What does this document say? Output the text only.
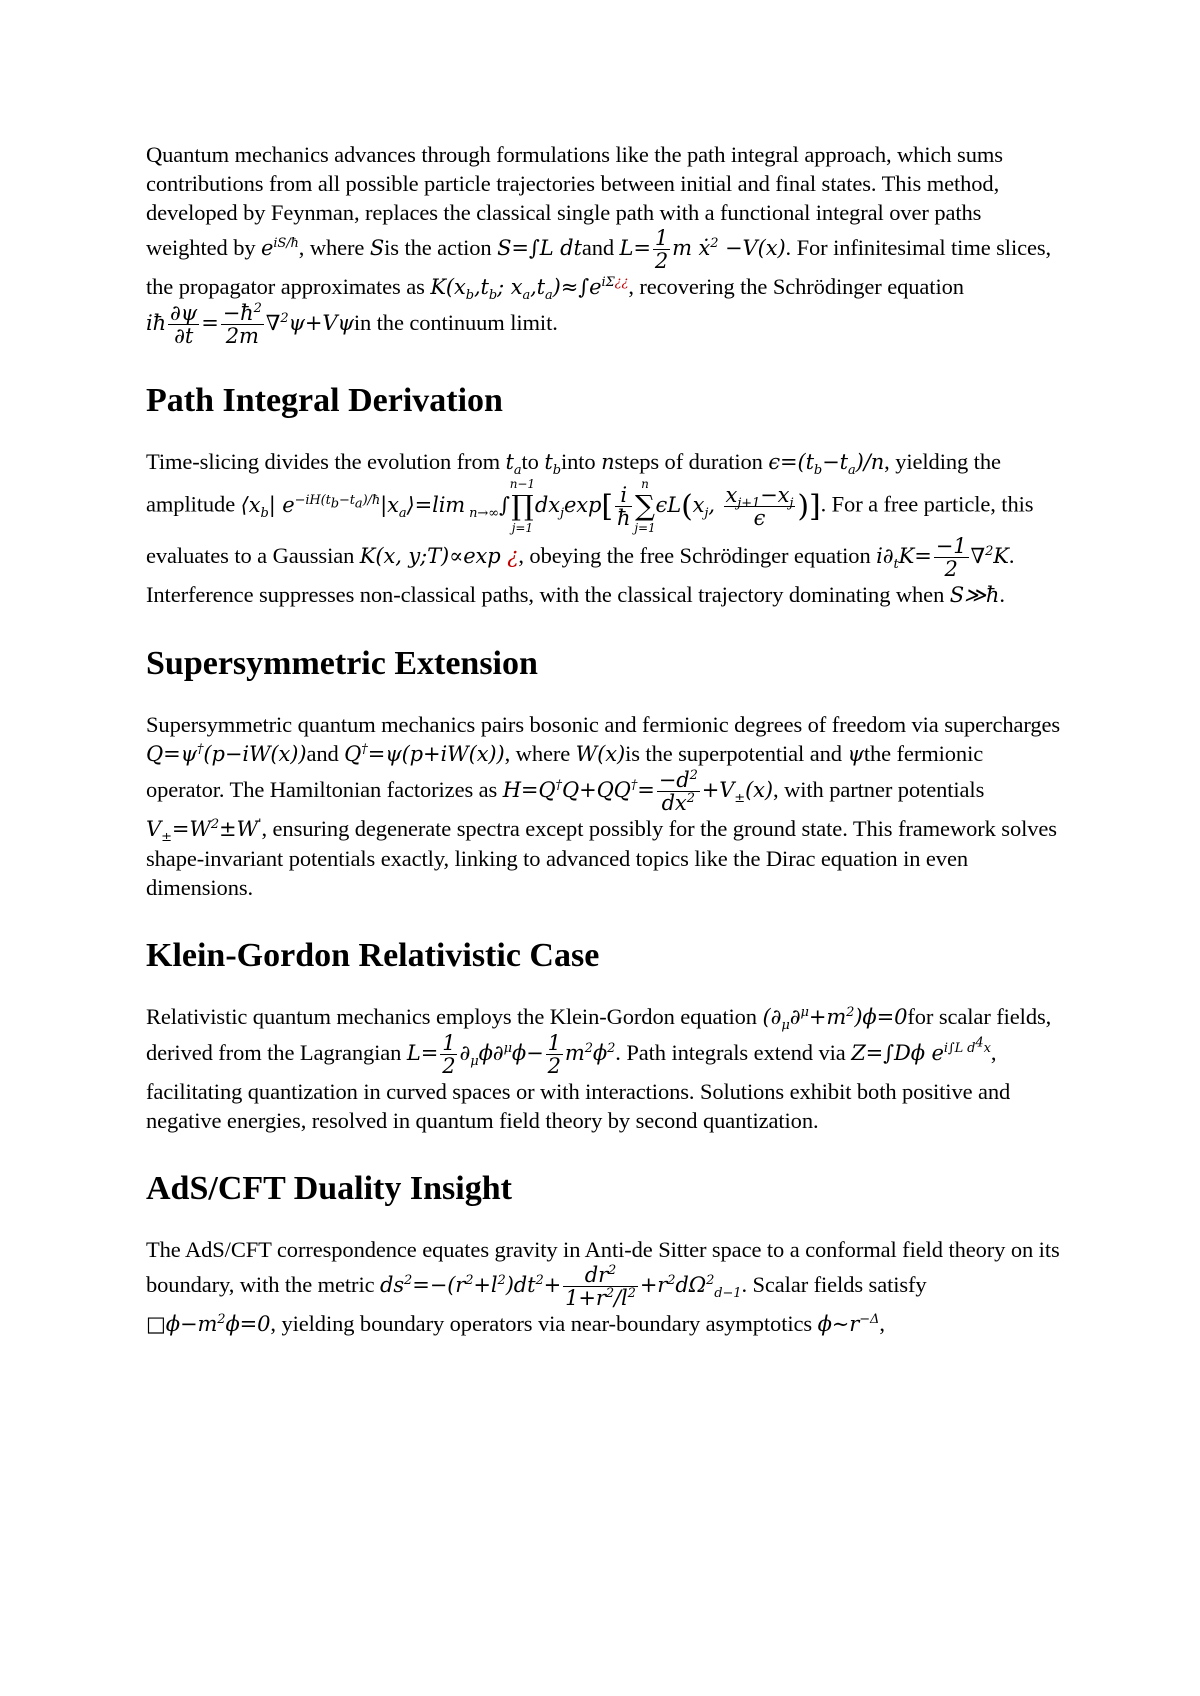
Quantum mechanics advances through formulations like the path integral approach, which sums contributions from all possible particle trajectories between initial and final states. This method, developed by Feynman, replaces the classical single path with a functional integral over paths weighted by $e^{iS/ħ}$, where Sis the action S=∫L dtand $L= \frac{1}{2}$ m ẋ$^2$ −V(x). For infinitesimal time slices, the propagator approximates as $K(x_b,t_b$; $x_a,t_a)\approx\int e^{i\Sigma¿¿}$, recovering the Schrödinger equation iħ $\frac{\partial\psi}{\partial t} = \frac{-ħ^2}{2m} \nabla^2\psi+V\psi in$ the continuum limit.

Path Integral Derivation

Time-slicing divides the evolution from $t_ato$ $t_binto$ nsteps of duration $\epsilon=(t_b-t_a)/n$, yielding the amplitude $⟨x_b|$ $e^{-iH(t_b-t_a)/ħ}|x_a⟩=\lim$ $_{n\to\infty}$∫
n−1
∏
j=1
$dx_j\exp[ \frac{i}{ħ}$ n
∑
j=1
$\epsilon L(x_j$, $\frac{x_{j+1}-x_j}{\epsilon}$ )]. For a free particle, this evaluates to a Gaussian K(x, y;T)∝exp ¿, obeying the free Schrödinger equation $i\partial_tK= \frac{-1}{2} \nabla^2K$. Interference suppresses non-classical paths, with the classical trajectory dominating when S≫ħ.

Supersymmetric Extension

Supersymmetric quantum mechanics pairs bosonic and fermionic degrees of freedom via supercharges Q=ψ†(p−iW(x))and Q†=ψ(p+iW(x)), where W(x)is the superpotential and ψthe fermionic operator. The Hamiltonian factorizes as $H=Q^\dagger Q+QQ^\dagger= \frac{-d^2}{dx^2} +V_\pm(x)$, with partner potentials $V_\pm=W^2\pm W'$, ensuring degenerate spectra except possibly for the ground state. This framework solves shape-invariant potentials exactly, linking to advanced topics like the Dirac equation in even dimensions.

Klein-Gordon Relativistic Case

Relativistic quantum mechanics employs the Klein-Gordon equation $(\partial_\mu\partial^\mu+m^2)\phi=0for$ scalar fields, derived from the Lagrangian $L= \frac{1}{2} \partial_\mu\phi\partial^\mu\phi- \frac{1}{2} m^2\phi^2$. Path integrals extend via Z=∫Dϕ $e^{i\int L d^4x}$, facilitating quantization in curved spaces or with interactions. Solutions exhibit both positive and negative energies, resolved in quantum field theory by second quantization.

AdS/CFT Duality Insight

The AdS/CFT correspondence equates gravity in Anti-de Sitter space to a conformal field theory on its boundary, with the metric $ds^2=-(r^2+l^2)dt^2+ \frac{dr^2}{1+r^2/l^2} +r^2d\Omega^2_{d-1}$. Scalar fields satisfy $□\phi-m^2\phi=0$, yielding boundary operators via near-boundary asymptotics $\phi\sim r^{-\Delta}$,
